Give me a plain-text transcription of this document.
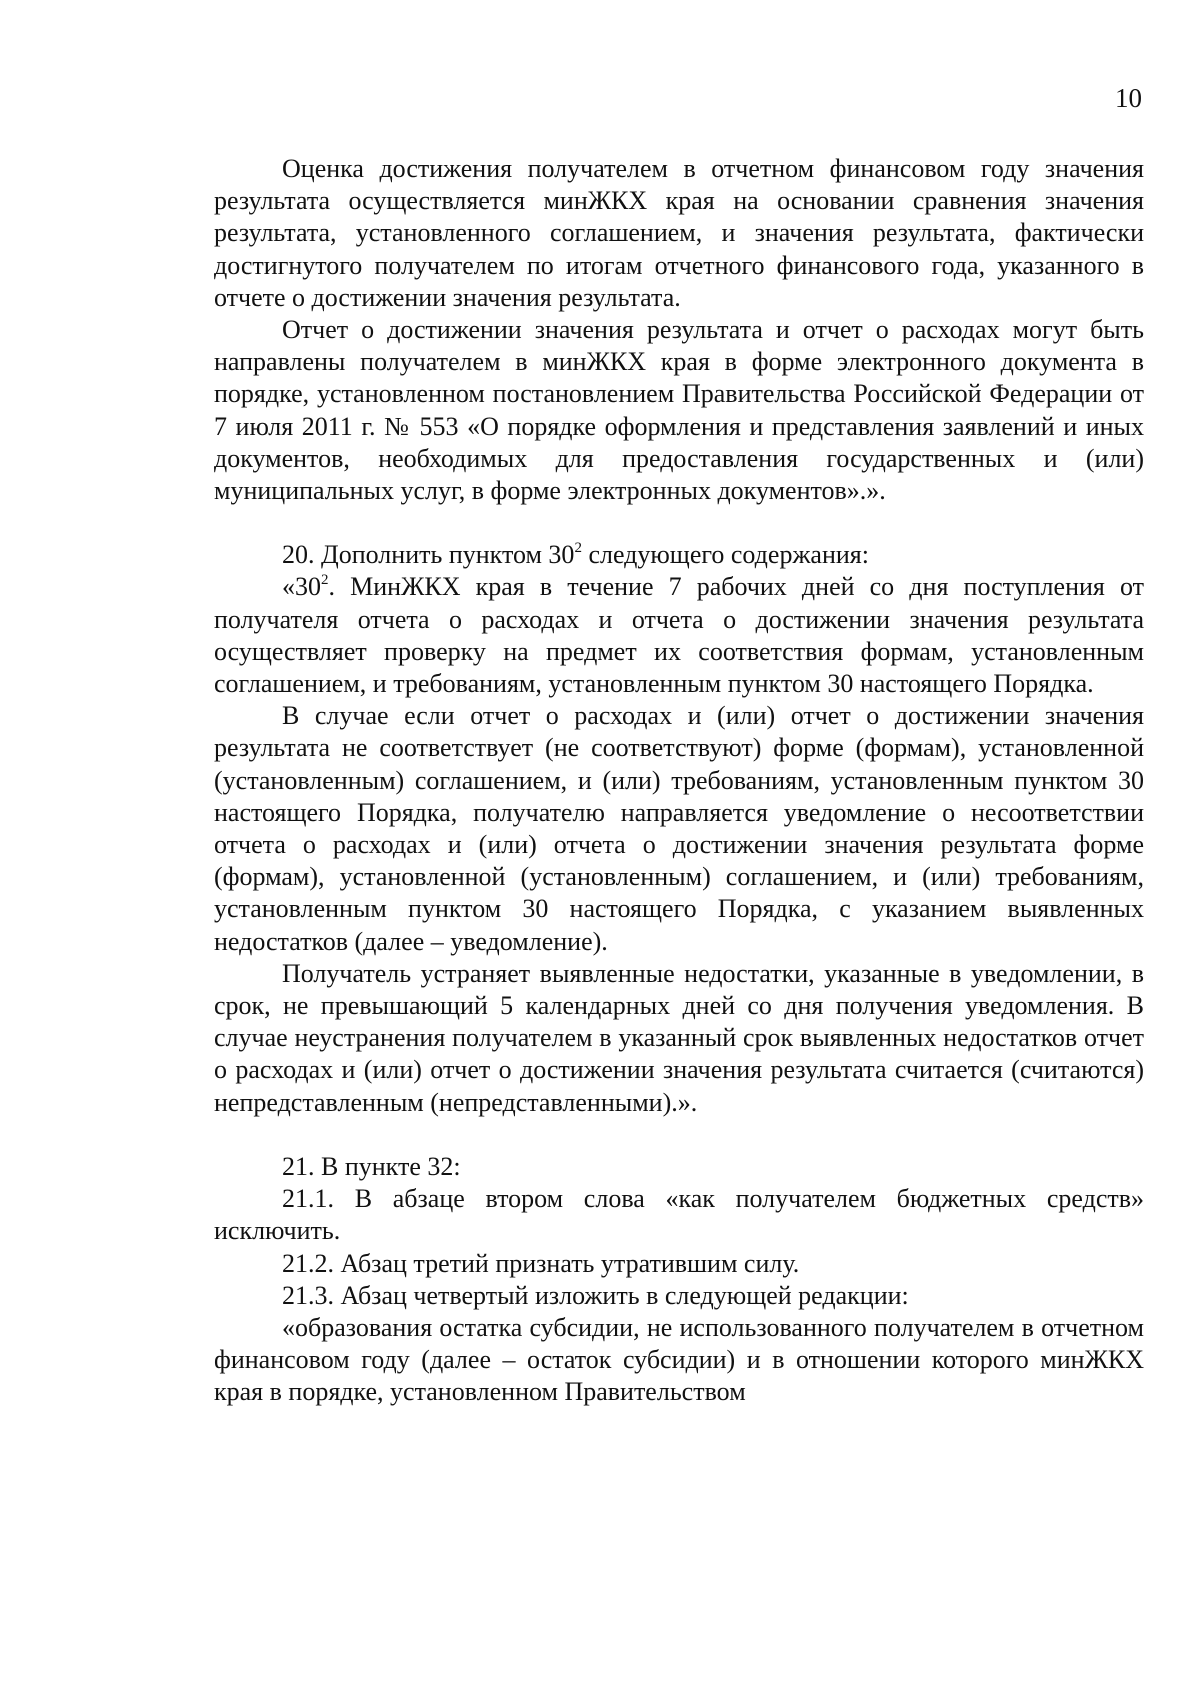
10

Оценка достижения получателем в отчетном финансовом году значения результата осуществляется минЖКХ края на основании сравнения значения результата, установленного соглашением, и значения результата, фактически достигнутого получателем по итогам отчетного финансового года, указанного в отчете о достижении значения результата.

Отчет о достижении значения результата и отчет о расходах могут быть направлены получателем в минЖКХ края в форме электронного документа в порядке, установленном постановлением Правительства Российской Федерации от 7 июля 2011 г. № 553 «О порядке оформления и представления заявлений и иных документов, необходимых для предоставления государственных и (или) муниципальных услуг, в форме электронных документов».».

20. Дополнить пунктом $30^2$ следующего содержания:

«$30^2$. МинЖКХ края в течение 7 рабочих дней со дня поступления от получателя отчета о расходах и отчета о достижении значения результата осуществляет проверку на предмет их соответствия формам, установленным соглашением, и требованиям, установленным пунктом 30 настоящего Порядка.

В случае если отчет о расходах и (или) отчет о достижении значения результата не соответствует (не соответствуют) форме (формам), установленной (установленным) соглашением, и (или) требованиям, установленным пунктом 30 настоящего Порядка, получателю направляется уведомление о несоответствии отчета о расходах и (или) отчета о достижении значения результата форме (формам), установленной (установленным) соглашением, и (или) требованиям, установленным пунктом 30 настоящего Порядка, с указанием выявленных недостатков (далее – уведомление).

Получатель устраняет выявленные недостатки, указанные в уведомлении, в срок, не превышающий 5 календарных дней со дня получения уведомления. В случае неустранения получателем в указанный срок выявленных недостатков отчет о расходах и (или) отчет о достижении значения результата считается (считаются) непредставленным (непредставленными).».

21. В пункте 32:

21.1. В абзаце втором слова «как получателем бюджетных средств» исключить.

21.2. Абзац третий признать утратившим силу.

21.3. Абзац четвертый изложить в следующей редакции:

«образования остатка субсидии, не использованного получателем в отчетном финансовом году (далее – остаток субсидии) и в отношении которого минЖКХ края в порядке, установленном Правительством
